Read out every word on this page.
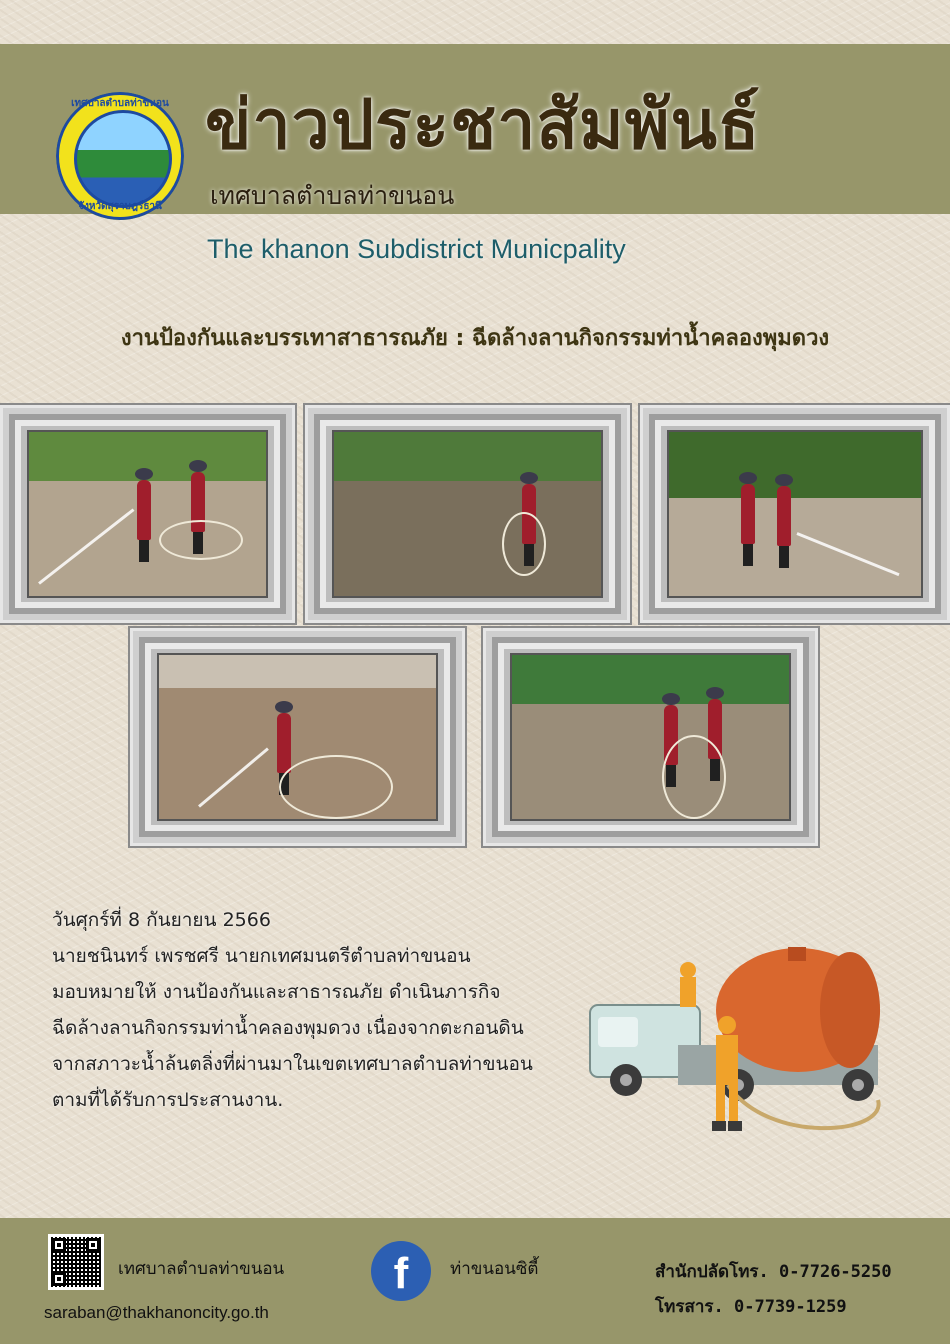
เทศบาลตำบลท่าขนอน
จังหวัดสุราษฎร์ธานี
ข่าวประชาสัมพันธ์
เทศบาลตำบลท่าขนอน
The khanon Subdistrict Municpality
งานป้องกันและบรรเทาสาธารณภัย : ฉีดล้างลานกิจกรรมท่าน้ำคลองพุมดวง

วันศุกร์ที่ 8 กันยายน 2566

นายชนินทร์ เพรชศรี นายกเทศมนตรีตำบลท่าขนอน

มอบหมายให้ งานป้องกันและสาธารณภัย ดำเนินภารกิจ

ฉีดล้างลานกิจกรรมท่าน้ำคลองพุมดวง เนื่องจากตะกอนดิน

จากสภาวะน้ำล้นตลิ่งที่ผ่านมาในเขตเทศบาลตำบลท่าขนอน

ตามที่ได้รับการประสานงาน.

เทศบาลตำบลท่าขนอน
saraban@thakhanoncity.go.th
f	ท่าขนอนซิตี้	สำนักปลัดโทร. 0-7726-5250
โทรสาร. 0-7739-1259
